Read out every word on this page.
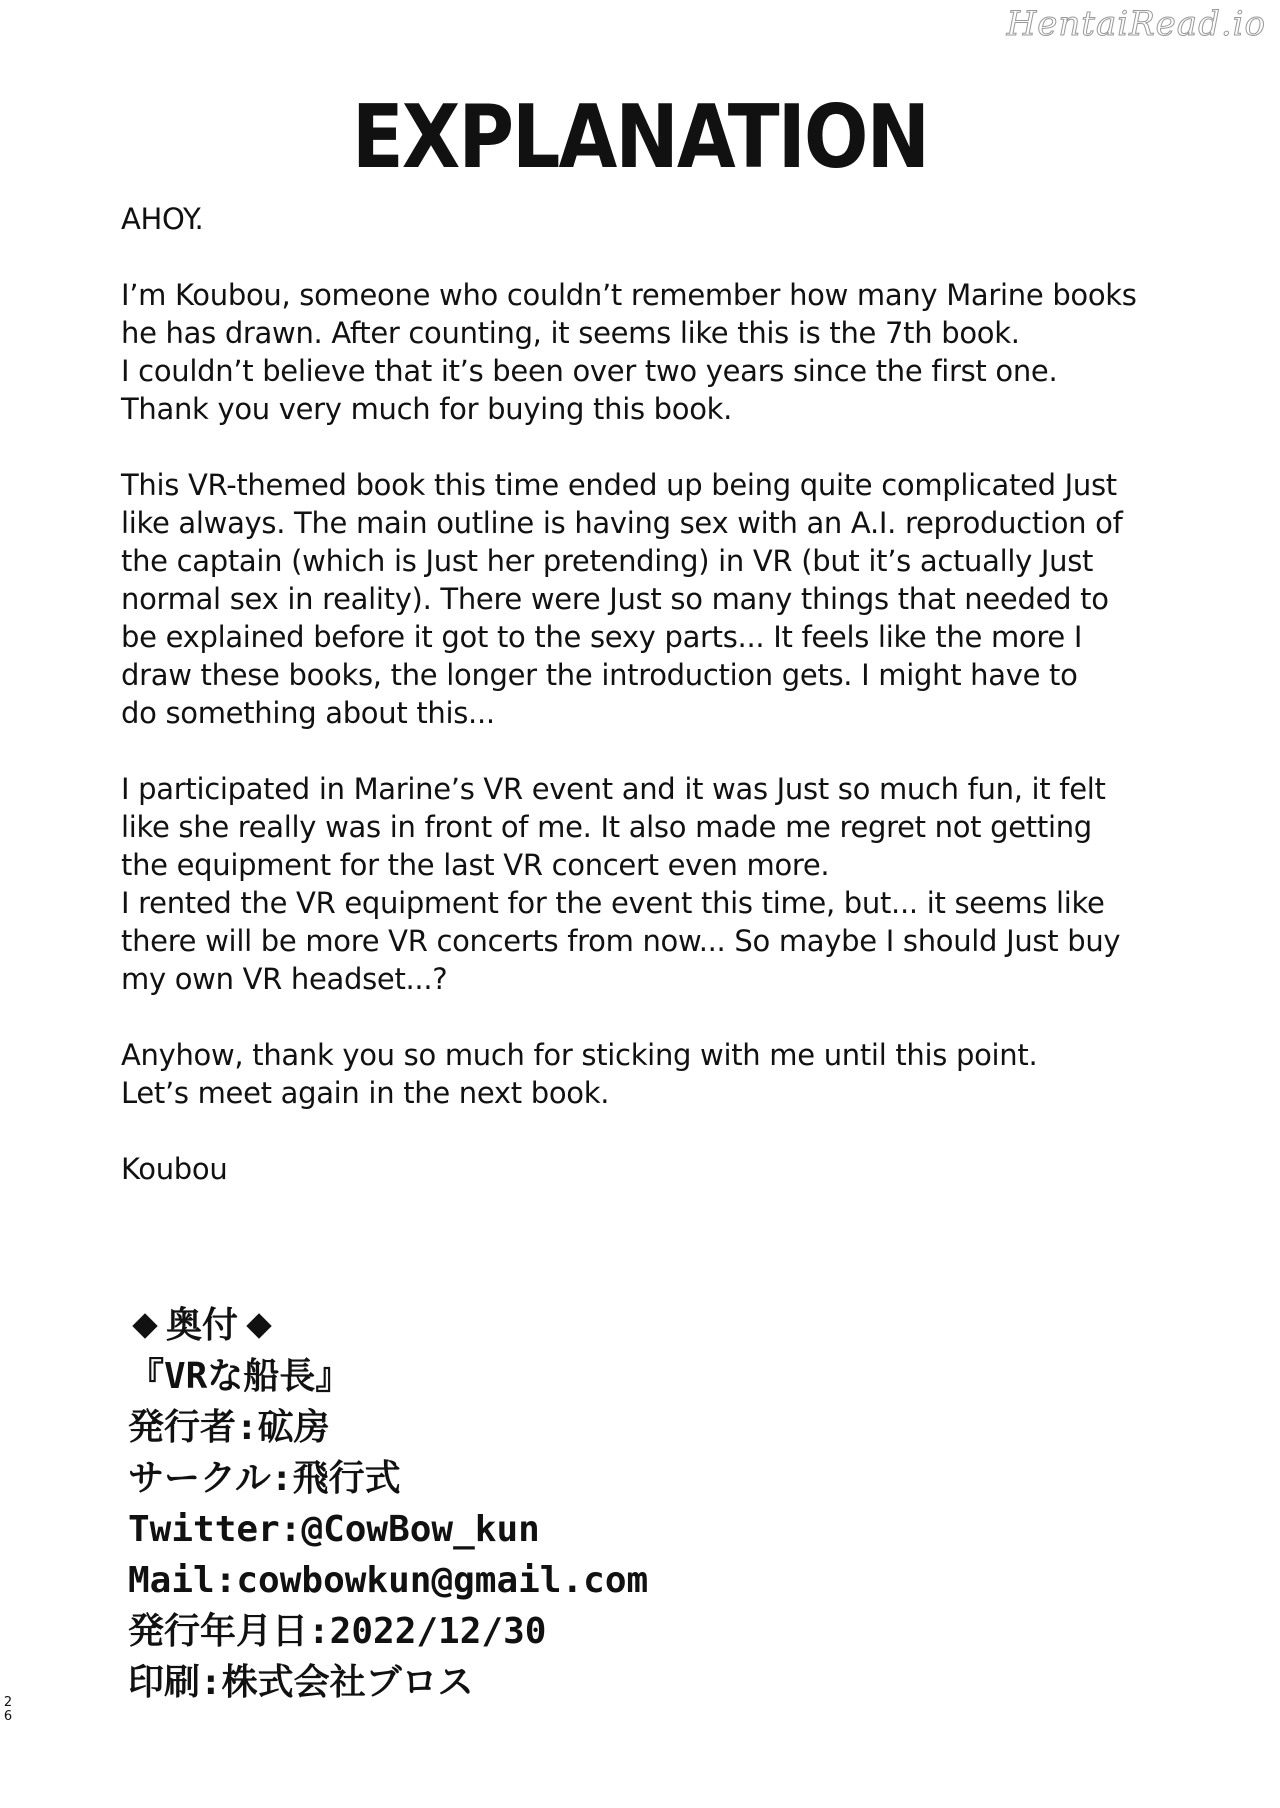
HentaiRead.io
EXPLANATION

AHOY.

I’m Koubou, someone who couldn’t remember how many Marine books
he has drawn. After counting, it seems like this is the 7th book.
I couldn’t believe that it’s been over two years since the first one.
Thank you very much for buying this book.

This VR-themed book this time ended up being quite complicated Just
like always. The main outline is having sex with an A.I. reproduction of
the captain (which is Just her pretending) in VR (but it’s actually Just
normal sex in reality). There were Just so many things that needed to
be explained before it got to the sexy parts... It feels like the more I
draw these books, the longer the introduction gets. I might have to
do something about this...

I participated in Marine’s VR event and it was Just so much fun, it felt
like she really was in front of me. It also made me regret not getting
the equipment for the last VR concert even more.
I rented the VR equipment for the event this time, but... it seems like
there will be more VR concerts from now... So maybe I should Just buy
my own VR headset...?

Anyhow, thank you so much for sticking with me until this point.
Let’s meet again in the next book.

Koubou

奥付
『VRな船長』
発行者:砿房
サークル:飛行式
Twitter:@CowBow_kun
Mail:cowbowkun@gmail.com
発行年月日:2022/12/30
印刷:株式会社ブロス
2
6
